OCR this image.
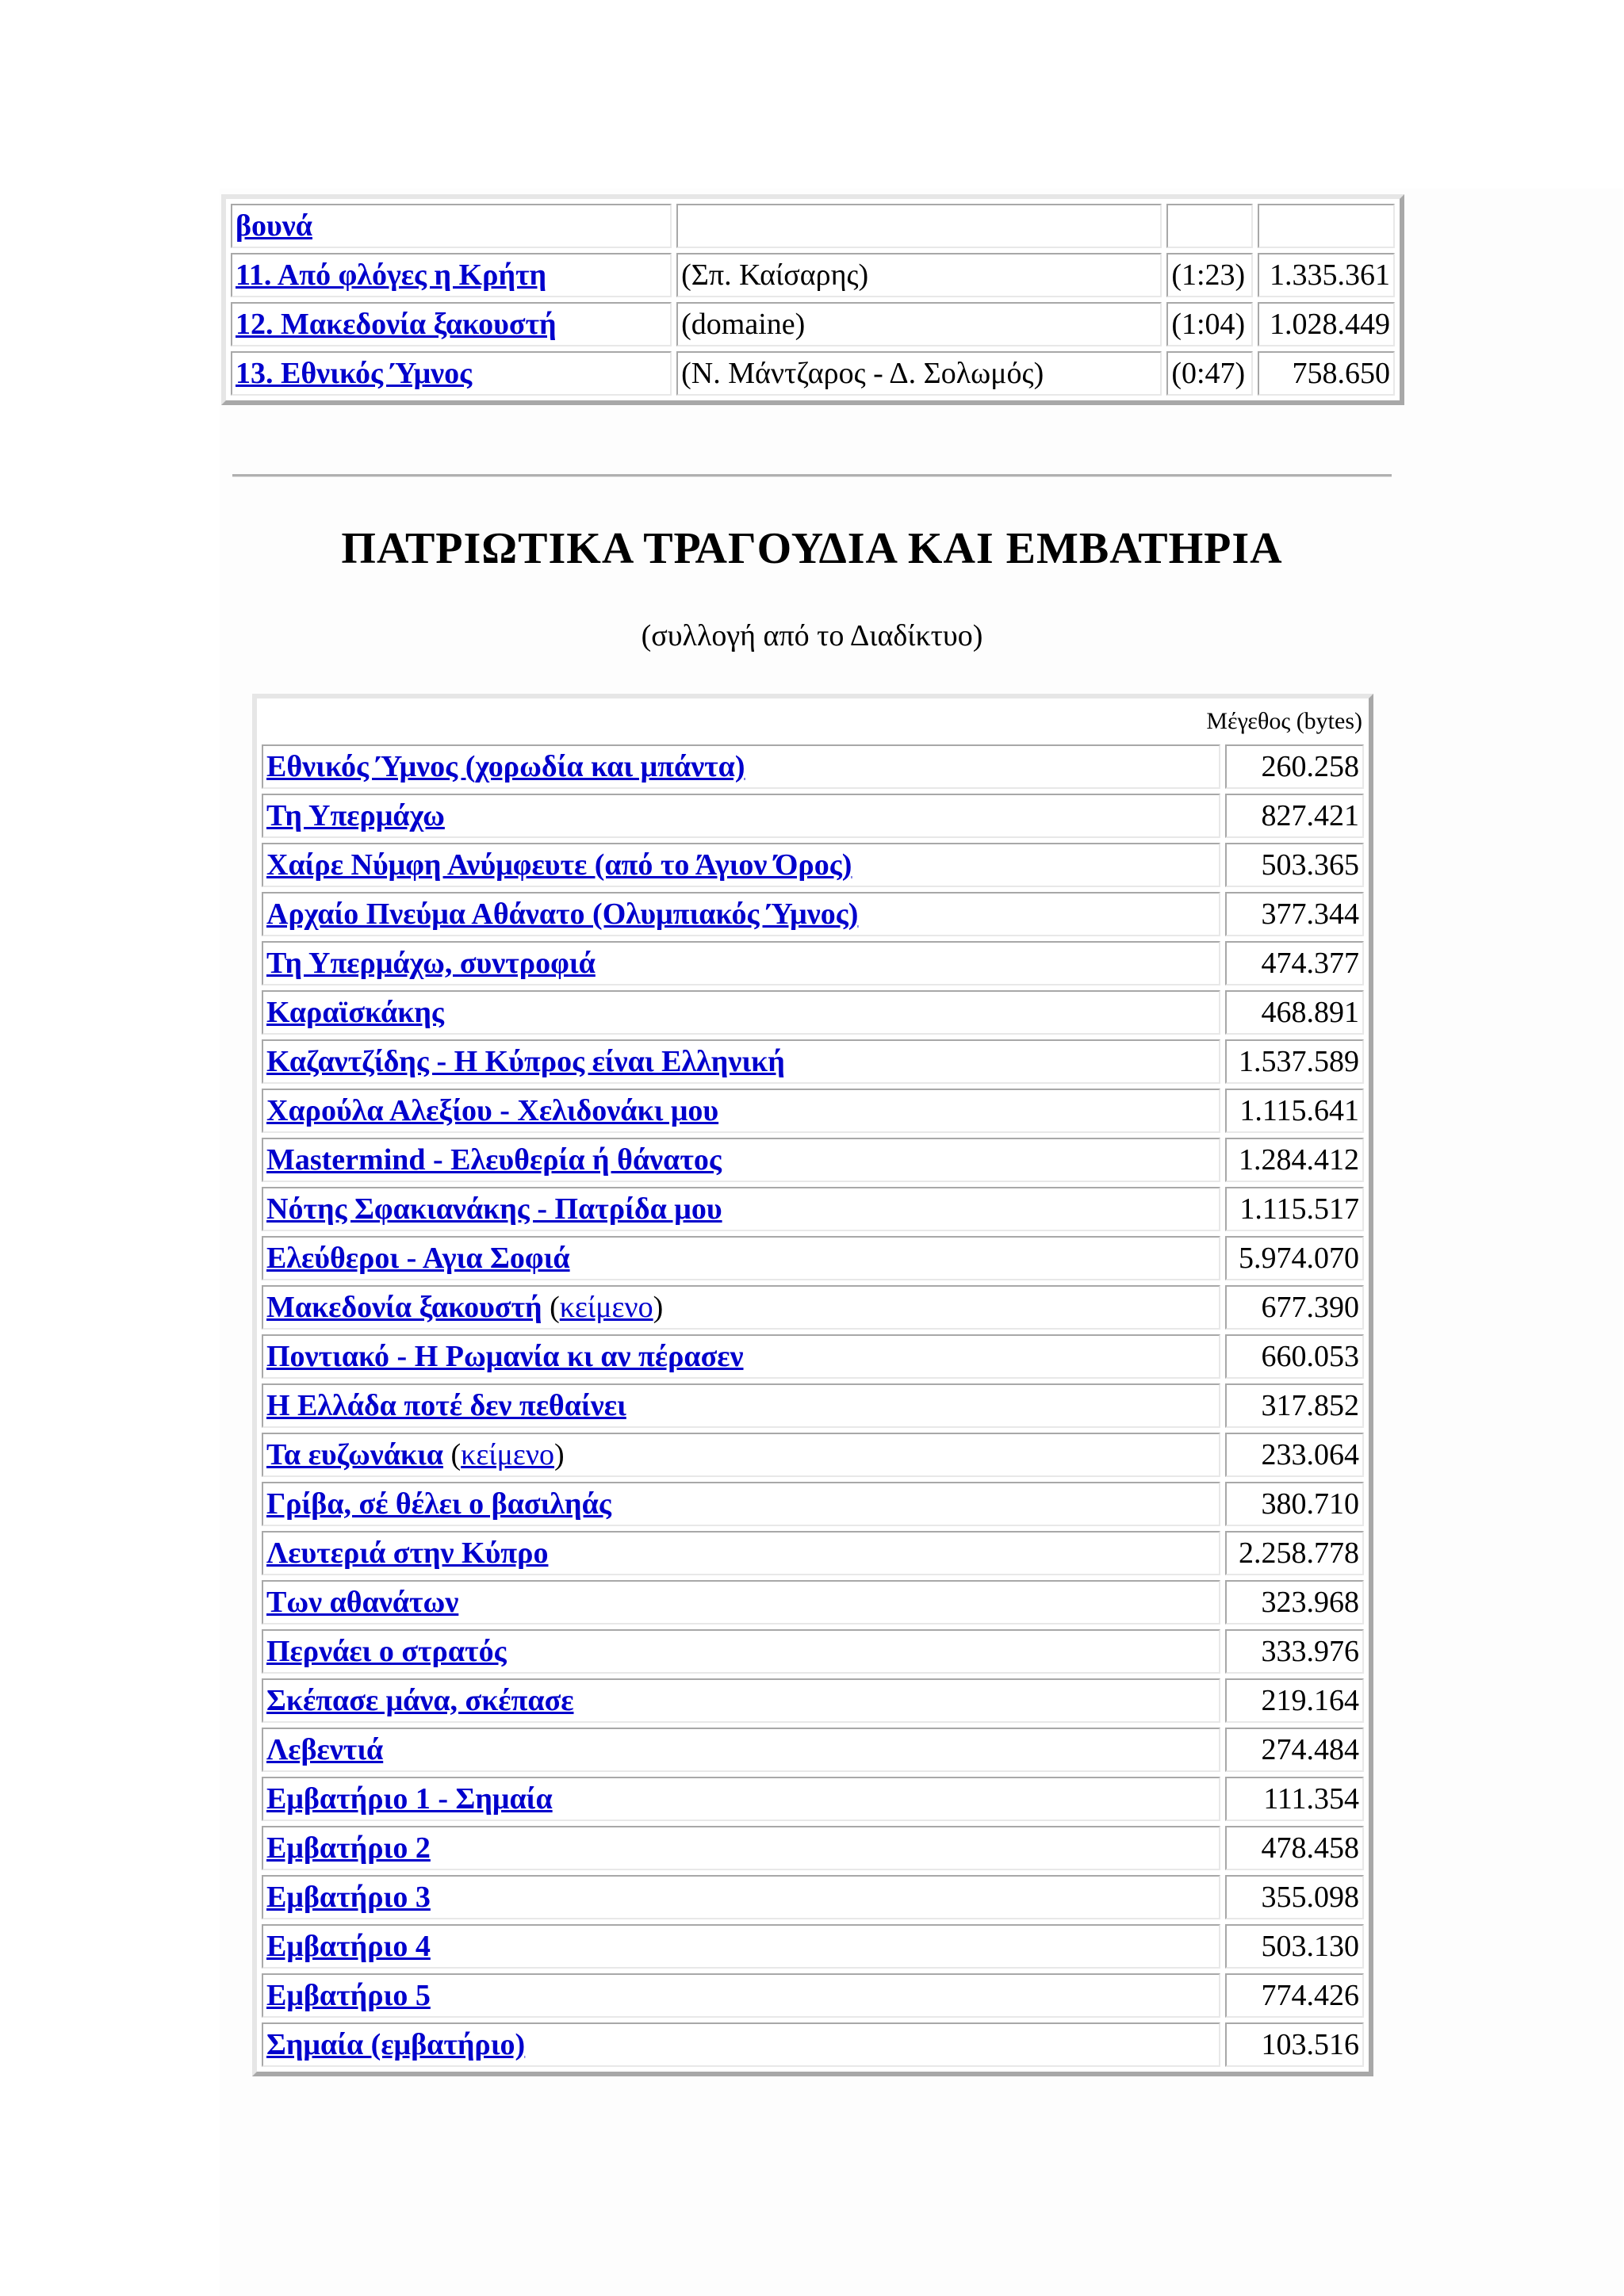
βουνά			
11. Από φλόγες η Κρήτη	(Σπ. Καίσαρης)	(1:23)	1.335.361
12. Μακεδονία ξακουστή	(domaine)	(1:04)	1.028.449
13. Εθνικός Ύμνος	(Ν. Μάντζαρος - Δ. Σολωμός)	(0:47)	758.650
ΠΑΤΡΙΩΤΙΚΑ ΤΡΑΓΟΥΔΙΑ ΚΑΙ ΕΜΒΑΤΗΡΙΑ

(συλλογή από το Διαδίκτυο)

Μέγεθος (bytes)	
Εθνικός Ύμνος (χορωδία και μπάντα)	260.258
Τη Υπερμάχω	827.421
Χαίρε Νύμφη Ανύμφευτε (από το Άγιον Όρος)	503.365
Αρχαίο Πνεύμα Αθάνατο (Ολυμπιακός Ύμνος)	377.344
Τη Υπερμάχω, συντροφιά	474.377
Καραϊσκάκης	468.891
Καζαντζίδης - Η Κύπρος είναι Ελληνική	1.537.589
Χαρούλα Αλεξίου - Χελιδονάκι μου	1.115.641
Mastermind - Ελευθερία ή θάνατος	1.284.412
Νότης Σφακιανάκης - Πατρίδα μου	1.115.517
Ελεύθεροι - Αγια Σοφιά	5.974.070
Μακεδονία ξακουστή (κείμενο)	677.390
Ποντιακό - Η Ρωμανία κι αν πέρασεν	660.053
Η Ελλάδα ποτέ δεν πεθαίνει	317.852
Τα ευζωνάκια (κείμενο)	233.064
Γρίβα, σέ θέλει ο βασιληάς	380.710
Λευτεριά στην Κύπρο	2.258.778
Των αθανάτων	323.968
Περνάει ο στρατός	333.976
Σκέπασε μάνα, σκέπασε	219.164
Λεβεντιά	274.484
Εμβατήριο 1 - Σημαία	111.354
Εμβατήριο 2	478.458
Εμβατήριο 3	355.098
Εμβατήριο 4	503.130
Εμβατήριο 5	774.426
Σημαία (εμβατήριο)	103.516
